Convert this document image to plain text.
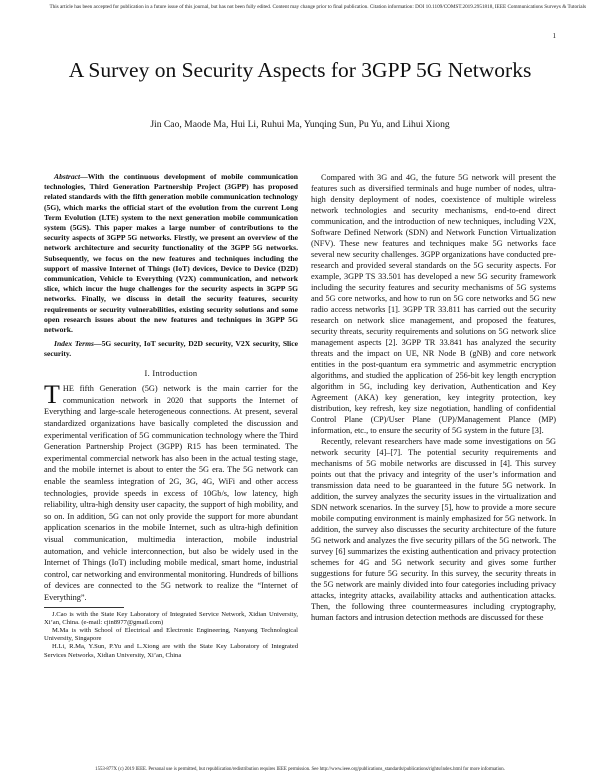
This article has been accepted for publication in a future issue of this journal, but has not been fully edited. Content may change prior to final publication. Citation information: DOI 10.1109/COMST.2019.2951818, IEEE Communications Surveys & Tutorials
1
A Survey on Security Aspects for 3GPP 5G Networks
Jin Cao, Maode Ma, Hui Li, Ruhui Ma, Yunqing Sun, Pu Yu, and Lihui Xiong

Abstract—With the continuous development of mobile communication technologies, Third Generation Partnership Project (3GPP) has proposed related standards with the fifth generation mobile communication technology (5G), which marks the official start of the evolution from the current Long Term Evolution (LTE) system to the next generation mobile communication system (5GS). This paper makes a large number of contributions to the security aspects of 3GPP 5G networks. Firstly, we present an overview of the network architecture and security functionality of the 3GPP 5G networks. Subsequently, we focus on the new features and techniques including the support of massive Internet of Things (IoT) devices, Device to Device (D2D) communication, Vehicle to Everything (V2X) communication, and network slice, which incur the huge challenges for the security aspects in 3GPP 5G networks. Finally, we discuss in detail the security features, security requirements or security vulnerabilities, existing security solutions and some open research issues about the new features and techniques in 3GPP 5G network.

Index Terms—5G security, IoT security, D2D security, V2X security, Slice security.

I. Introduction

THE fifth Generation (5G) network is the main carrier for the communication network in 2020 that supports the Internet of Everything and large-scale heterogeneous connections. At present, several standardized organizations have basically completed the discussion and experimental verification of 5G communication technology where the Third Generation Partnership Project (3GPP) R15 has been terminated. The experimental commercial network has also been in the actual testing stage, and the mobile internet is about to enter the 5G era. The 5G network can enable the seamless integration of 2G, 3G, 4G, WiFi and other access technologies, provide speeds in excess of 10Gb/s, low latency, high reliability, ultra-high density user capacity, the support of high mobility, and so on. In addition, 5G can not only provide the support for more abundant application scenarios in the mobile Internet, such as ultra-high definition visual communication, multimedia interaction, mobile industrial automation, and vehicle interconnection, but also be widely used in the Internet of Things (IoT) including mobile medical, smart home, industrial control, car networking and environmental monitoring. Hundreds of billions of devices are connected to the 5G network to realize the “Internet of Everything”.

J.Cao is with the State Key Laboratory of Integrated Service Network, Xidian University, Xi’an, China. (e-mail: cjin8977@gmail.com)

M.Ma is with School of Electrical and Electronic Engineering, Nanyang Technological University, Singapore

H.Li, R.Ma, Y.Sun, P.Yu and L.Xiong are with the State Key Laboratory of Integrated Services Networks, Xidian University, Xi’an, China

Compared with 3G and 4G, the future 5G network will present the features such as diversified terminals and huge number of nodes, ultra-high density deployment of nodes, coexistence of multiple wireless network technologies and security mechanisms, end-to-end direct communication, and the introduction of new techniques, including V2X, Software Defined Network (SDN) and Network Function Virtualization (NFV). These new features and techniques make 5G networks face several new security challenges. 3GPP organizations have conducted pre-research and provided several standards on the 5G security aspects. For example, 3GPP TS 33.501 has developed a new 5G security framework including the security features and security mechanisms of 5G systems and 5G core networks, and how to run on 5G core networks and 5G new radio access networks [1]. 3GPP TR 33.811 has carried out the security research on network slice management, and proposed the features, security threats, security requirements and solutions on 5G network slice management aspects [2]. 3GPP TR 33.841 has analyzed the security threats and the impact on UE, NR Node B (gNB) and core network entities in the post-quantum era symmetric and asymmetric encryption algorithms, and studied the application of 256-bit key length encryption algorithm in 5G, including key derivation, Authentication and Key Agreement (AKA) key generation, key integrity protection, key distribution, key refresh, key size negotiation, handling of confidential Control Plane (CP)/User Plane (UP)/Management Plance (MP) information, etc., to ensure the security of 5G system in the future [3].

Recently, relevant researchers have made some investigations on 5G network security [4]–[7]. The potential security requirements and mechanisms of 5G mobile networks are discussed in [4]. This survey points out that the privacy and integrity of the user’s information and transmission data need to be guaranteed in the future 5G network. In addition, the survey analyzes the security issues in the virtualization and SDN network scenarios. In the survey [5], how to provide a more secure mobile computing environment is mainly emphasized for 5G network. In addition, the survey also discusses the security architecture of the future 5G network and analyzes the five security pillars of the 5G network. The survey [6] summarizes the existing authentication and privacy protection schemes for 4G and 5G network security and gives some further suggestions for future 5G security. In this survey, the security threats in the 5G network are mainly divided into four categories including privacy attacks, integrity attacks, availability attacks and authentication attacks. Then, the following three countermeasures including cryptography, human factors and intrusion detection methods are discussed for these

1553-877X (c) 2019 IEEE. Personal use is permitted, but republication/redistribution requires IEEE permission. See http://www.ieee.org/publications_standards/publications/rights/index.html for more information.
